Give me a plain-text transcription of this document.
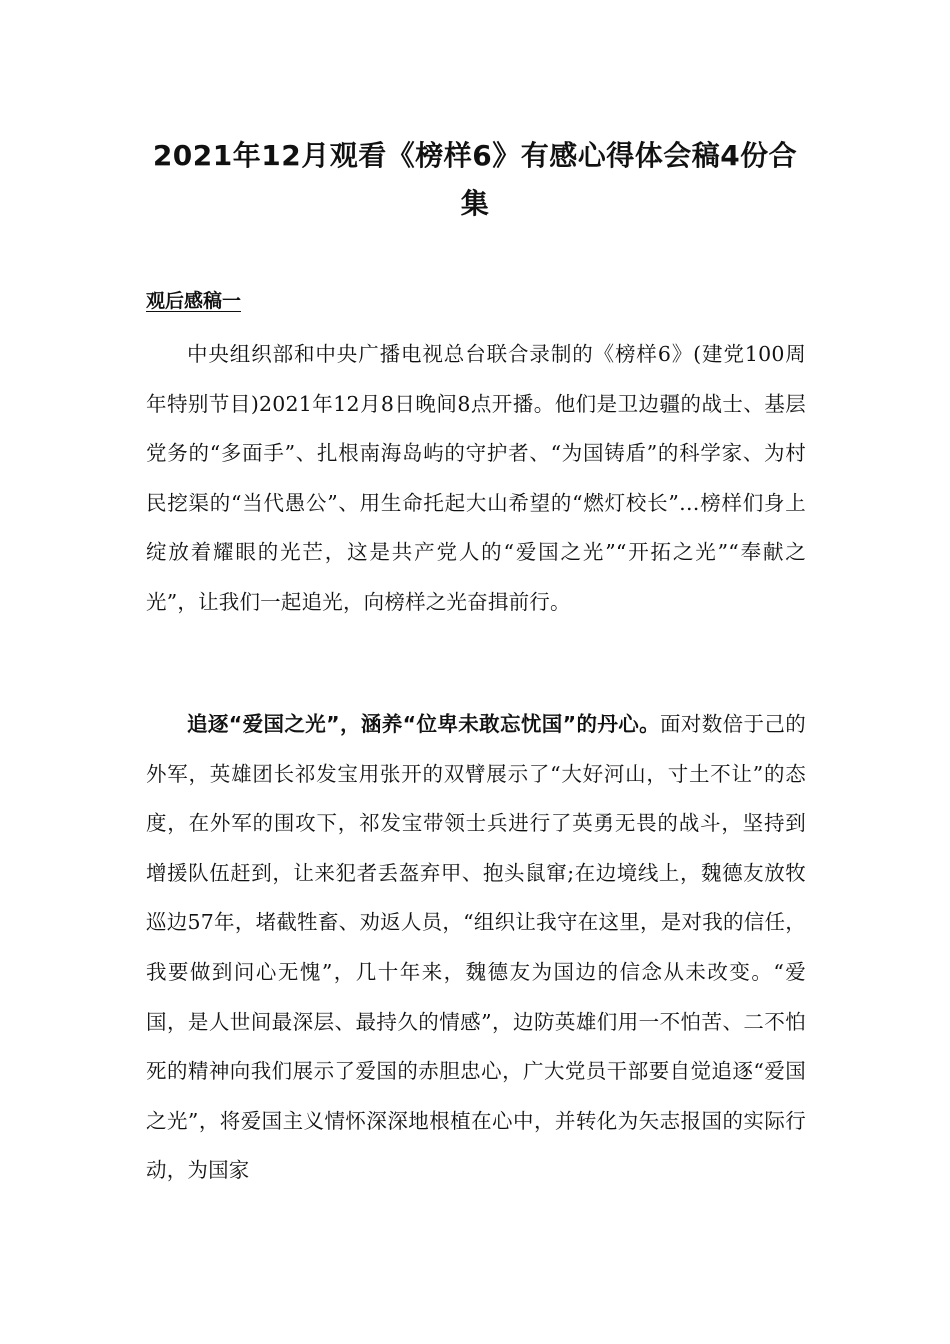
2021年12月观看《榜样6》有感心得体会稿4份合集
观后感稿一

中央组织部和中央广播电视总台联合录制的《榜样6》(建党100周年特别节目)2021年12月8日晚间8点开播。他们是卫边疆的战士、基层党务的“多面手”、扎根南海岛屿的守护者、“为国铸盾”的科学家、为村民挖渠的“当代愚公”、用生命托起大山希望的“燃灯校长”…榜样们身上绽放着耀眼的光芒，这是共产党人的“爱国之光”“开拓之光”“奉献之光”，让我们一起追光，向榜样之光奋揖前行。

追逐“爱国之光”，涵养“位卑未敢忘忧国”的丹心。面对数倍于己的外军，英雄团长祁发宝用张开的双臂展示了“大好河山，寸土不让”的态度，在外军的围攻下，祁发宝带领士兵进行了英勇无畏的战斗，坚持到增援队伍赶到，让来犯者丢盔弃甲、抱头鼠窜;在边境线上，魏德友放牧巡边57年，堵截牲畜、劝返人员，“组织让我守在这里，是对我的信任，我要做到问心无愧”，几十年来，魏德友为国边的信念从未改变。“爱国，是人世间最深层、最持久的情感”，边防英雄们用一不怕苦、二不怕死的精神向我们展示了爱国的赤胆忠心，广大党员干部要自觉追逐“爱国之光”，将爱国主义情怀深深地根植在心中，并转化为矢志报国的实际行动，为国家
